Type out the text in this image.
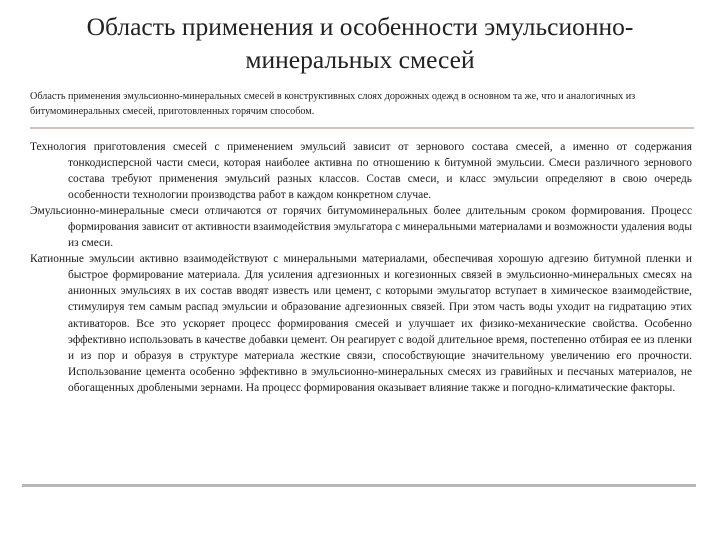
Область применения и особенности эмульсионно-минеральных смесей
Область применения эмульсионно-минеральных смесей в конструктивных слоях дорожных одежд в основном та же, что и аналогичных из битумоминеральных смесей, приготовленных горячим способом.

Технология приготовления смесей с применением эмульсий зависит от зернового состава смесей, а именно от содержания тонкодисперсной части смеси, которая наиболее активна по отношению к битумной эмульсии. Смеси различного зернового состава требуют применения эмульсий разных классов. Состав смеси, и класс эмульсии определяют в свою очередь особенности технологии производства работ в каждом конкретном случае.

Эмульсионно-минеральные смеси отличаются от горячих битумоминеральных более длительным сроком формирования. Процесс формирования зависит от активности взаимодействия эмульгатора с минеральными материалами и возможности удаления воды из смеси.

Катионные эмульсии активно взаимодействуют с минеральными материалами, обеспечивая хорошую адгезию битумной пленки и быстрое формирование материала. Для усиления адгезионных и когезионных связей в эмульсионно-минеральных смесях на анионных эмульсиях в их состав вводят известь или цемент, с которыми эмульгатор вступает в химическое взаимодействие, стимулируя тем самым распад эмульсии и образование адгезионных связей. При этом часть воды уходит на гидратацию этих активаторов. Все это ускоряет процесс формирования смесей и улучшает их физико-механические свойства. Особенно эффективно использовать в качестве добавки цемент. Он реагирует с водой длительное время, постепенно отбирая ее из пленки и из пор и образуя в структуре материала жесткие связи, способствующие значительному увеличению его прочности. Использование цемента особенно эффективно в эмульсионно-минеральных смесях из гравийных и песчаных материалов, не обогащенных дроблеными зернами. На процесс формирования оказывает влияние также и погодно-климатические факторы.
